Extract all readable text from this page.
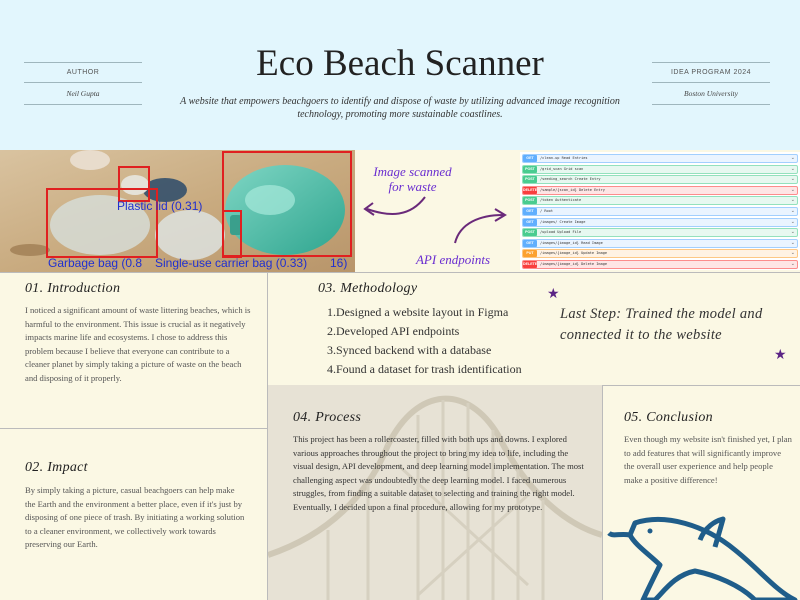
AUTHOR
Neil Gupta
Eco Beach Scanner
A website that empowers beachgoers to identify and dispose of waste by utilizing advanced image recognition technology, promoting more sustainable coastlines.
IDEA PROGRAM 2024
Boston University
Plastic lid (0.31)
Garbage bag (0.8 Single-use carrier bag (0.33) 16)
Image scanned for waste
API endpoints
GET	/clean-up Read Entries	⌄
POST	/grid_scan Grid scan	⌄
POST	/seeding_search Create Entry	⌄
DELETE /sample/{scan_id} Delete Entry	⌄
POST	/token Authenticate	⌄
GET	/ Root	⌄
GET	/images/ Create Image	⌄
POST	/upload Upload File	⌄
GET	/images/{image_id} Read Image	⌄
PUT	/images/{image_id} Update Image	⌄
DELETE /images/{image_id} Delete Image	⌄
01. Introduction
I noticed a significant amount of waste littering beaches, which is harmful to the environment. This issue is crucial as it negatively impacts marine life and ecosystems. I chose to address this problem because I believe that everyone can contribute to a cleaner planet by simply taking a picture of waste on the beach and disposing of it properly.
02. Impact
By simply taking a picture, casual beachgoers can help make the Earth and the environment a better place, even if it's just by disposing of one piece of trash. By initiating a working solution to a cleaner environment, we collectively work towards preserving our Earth.
03. Methodology
1.Designed a website layout in Figma
2.Developed API endpoints
3.Synced backend with a database
4.Found a dataset for trash identification
★
Last Step: Trained the model and connected it to the website
★
04. Process
This project has been a rollercoaster, filled with both ups and downs. I explored various approaches throughout the project to bring my idea to life, including the visual design, API development, and deep learning model implementation. The most challenging aspect was undoubtedly the deep learning model. I faced numerous struggles, from finding a suitable dataset to selecting and training the right model. Eventually, I decided upon a final procedure, allowing for my prototype.
05. Conclusion
Even though my website isn't finished yet, I plan to add features that will significantly improve the overall user experience and help people make a positive difference!
